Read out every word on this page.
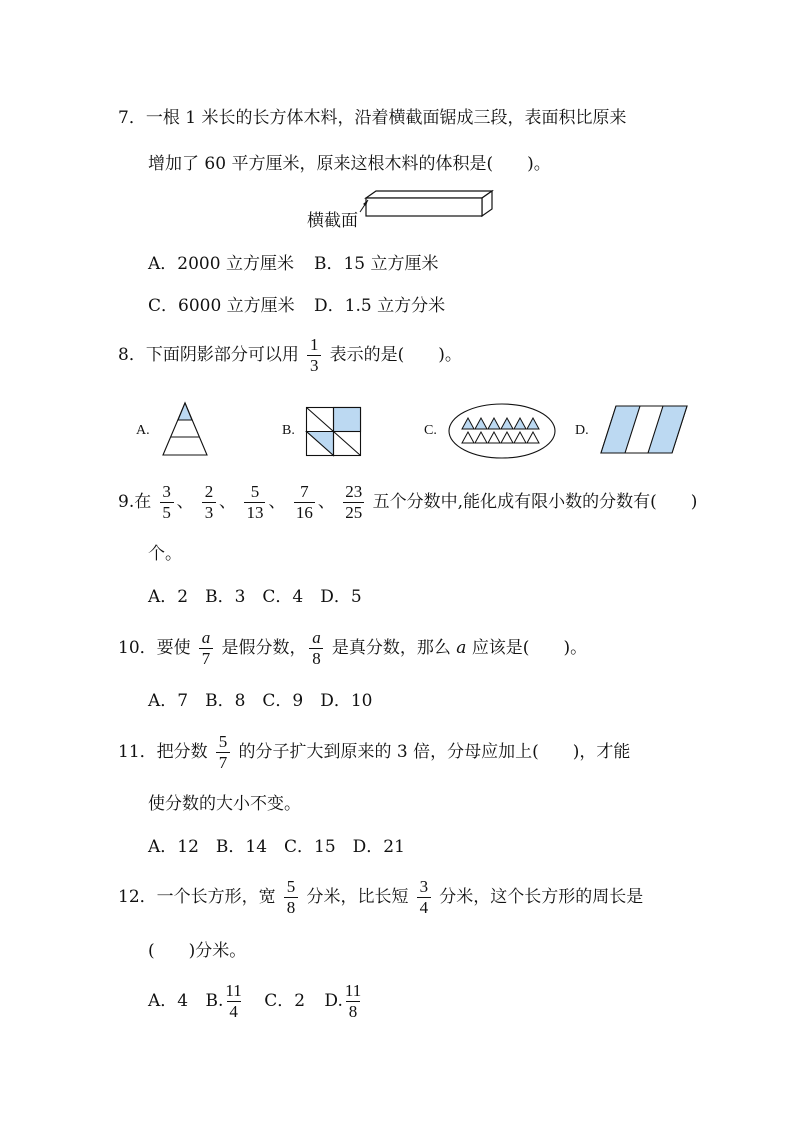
7．一根 1 米长的长方体木料，沿着横截面锯成三段，表面积比原来
增加了 60 平方厘米，原来这根木料的体积是(　　)。
横截面
A．2000 立方厘米 B．15 立方厘米
C．6000 立方厘米 D．1.5 立方分米
8．下面阴影部分可以用 $\frac{1}{3}$ 表示的是(　　)。
A.	B.	C.	D.
9.在 $\frac{3}{5}$ 、 $\frac{2}{3}$ 、 $\frac{5}{13}$ 、 $\frac{7}{16}$ 、 $\frac{23}{25}$ 五个分数中,能化成有限小数的分数有(　　)
个。
A．2　B．3　C．4　D．5
10．要使 $\frac{a}{7}$ 是假分数， $\frac{a}{8}$ 是真分数，那么 a 应该是(　　)。
A．7　B．8　C．9　D．10
11．把分数 $\frac{5}{7}$ 的分子扩大到原来的 3 倍，分母应加上(　　)，才能
使分数的大小不变。
A．12　B．14　C．15　D．21
12．一个长方形，宽 $\frac{5}{8}$ 分米，比长短 $\frac{3}{4}$ 分米，这个长方形的周长是
(　　)分米。
A．4 B. $\frac{11}{4}$ C．2 D. $\frac{11}{8}$
